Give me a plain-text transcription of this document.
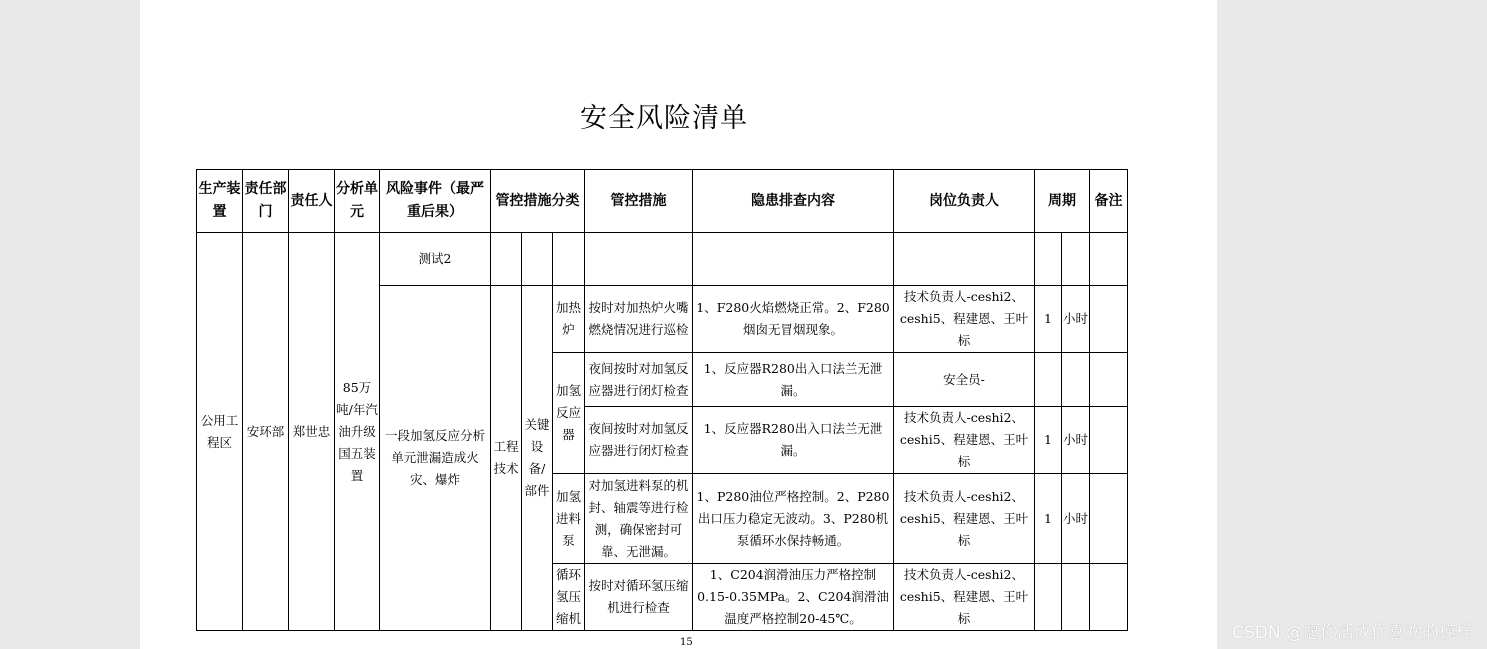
安全风险清单
生产装置	责任部门	责任人	分析单元	风险事件（最严重后果）	管控措施分类			管控措施	隐患排查内容	岗位负责人	周期		备注
公用工程区	安环部	郑世忠	85万吨/年汽油升级国五装置	测试2									
				一段加氢反应分析单元泄漏造成火灾、爆炸	工程技术	关键设备/部件	加热炉	按时对加热炉火嘴燃烧情况进行巡检	1、F280火焰燃烧正常。2、F280烟囱无冒烟现象。	技术负责人-ceshi2、ceshi5、程建恩、王叶标	1	小时	
							加氢反应器	夜间按时对加氢反应器进行闭灯检查	1、反应器R280出入口法兰无泄漏。	安全员-			
								夜间按时对加氢反应器进行闭灯检查	1、反应器R280出入口法兰无泄漏。	技术负责人-ceshi2、ceshi5、程建恩、王叶标	1	小时	
							加氢进料泵	对加氢进料泵的机封、轴震等进行检测，确保密封可靠、无泄漏。	1、P280油位严格控制。2、P280出口压力稳定无波动。3、P280机泵循环水保持畅通。	技术负责人-ceshi2、ceshi5、程建恩、王叶标	1	小时	
							循环氢压缩机	按时对循环氢压缩机进行检查	1、C204润滑油压力严格控制0.15-0.35MPa。2、C204润滑油温度严格控制20-45℃。	技术负责人-ceshi2、ceshi5、程建恩、王叶标			
15	CSDN @愿你活成你喜欢的模样
